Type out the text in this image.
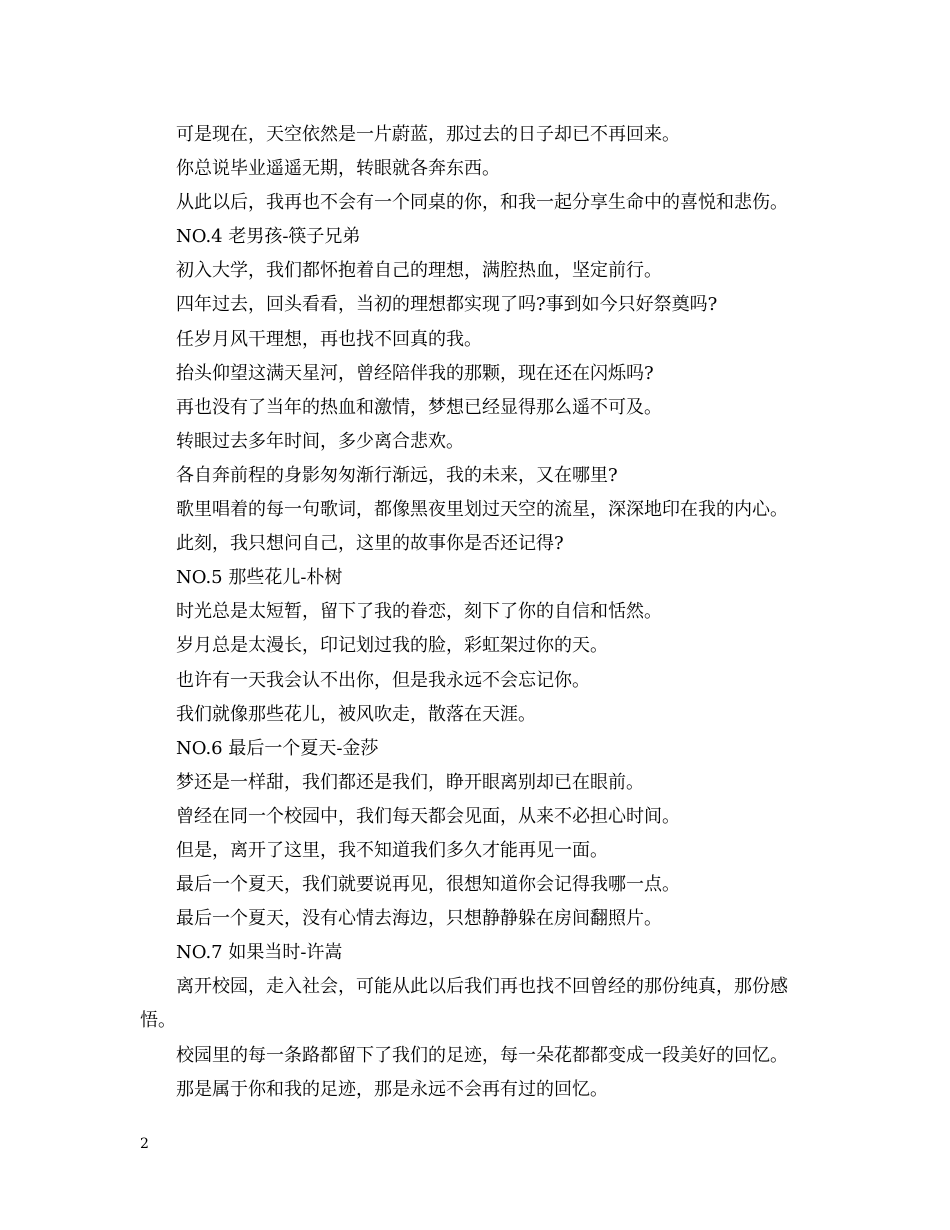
可是现在，天空依然是一片蔚蓝，那过去的日子却已不再回来。
你总说毕业遥遥无期，转眼就各奔东西。
从此以后，我再也不会有一个同桌的你，和我一起分享生命中的喜悦和悲伤。
NO.4 老男孩-筷子兄弟
初入大学，我们都怀抱着自己的理想，满腔热血，坚定前行。
四年过去，回头看看，当初的理想都实现了吗?事到如今只好祭奠吗?
任岁月风干理想，再也找不回真的我。
抬头仰望这满天星河，曾经陪伴我的那颗，现在还在闪烁吗?
再也没有了当年的热血和激情，梦想已经显得那么遥不可及。
转眼过去多年时间，多少离合悲欢。
各自奔前程的身影匆匆渐行渐远，我的未来，又在哪里?
歌里唱着的每一句歌词，都像黑夜里划过天空的流星，深深地印在我的内心。
此刻，我只想问自己，这里的故事你是否还记得?
NO.5 那些花儿-朴树
时光总是太短暂，留下了我的眷恋，刻下了你的自信和恬然。
岁月总是太漫长，印记划过我的脸，彩虹架过你的天。
也许有一天我会认不出你，但是我永远不会忘记你。
我们就像那些花儿，被风吹走，散落在天涯。
NO.6 最后一个夏天-金莎
梦还是一样甜，我们都还是我们，睁开眼离别却已在眼前。
曾经在同一个校园中，我们每天都会见面，从来不必担心时间。
但是，离开了这里，我不知道我们多久才能再见一面。
最后一个夏天，我们就要说再见，很想知道你会记得我哪一点。
最后一个夏天，没有心情去海边，只想静静躲在房间翻照片。
NO.7 如果当时-许嵩
离开校园，走入社会，可能从此以后我们再也找不回曾经的那份纯真，那份感
悟。
校园里的每一条路都留下了我们的足迹，每一朵花都都变成一段美好的回忆。
那是属于你和我的足迹，那是永远不会再有过的回忆。
2
